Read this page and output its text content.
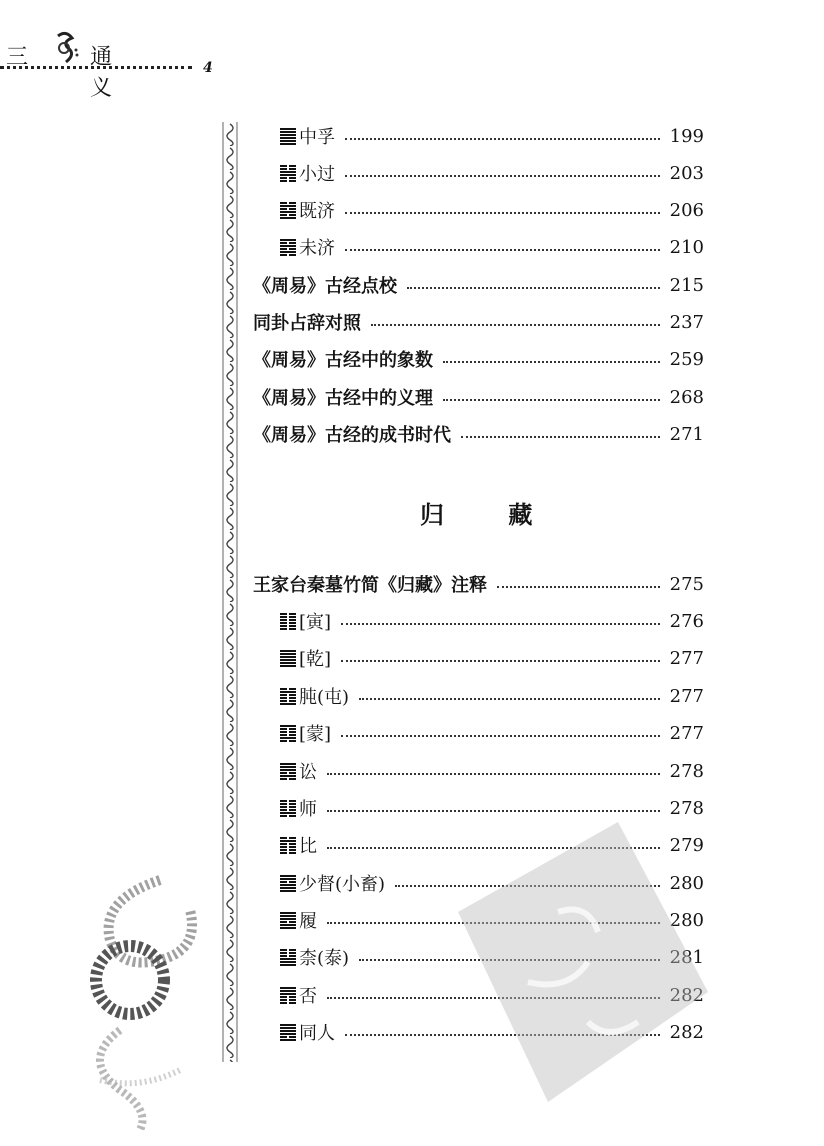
三	通义
4
中孚	199
小过	203
既济	206
未济	210
《周易》古经点校	215
同卦占辞对照	237
《周易》古经中的象数	259
《周易》古经中的义理	268
《周易》古经的成书时代	271
归 藏
王家台秦墓竹简《归藏》注释	275
[寅]	276
[乾]	277
肫(屯)	277
[蒙]	277
讼	278
师	278
比	279
少督(小畜)	280
履	280
柰(泰)	281
否	282
同人	282
